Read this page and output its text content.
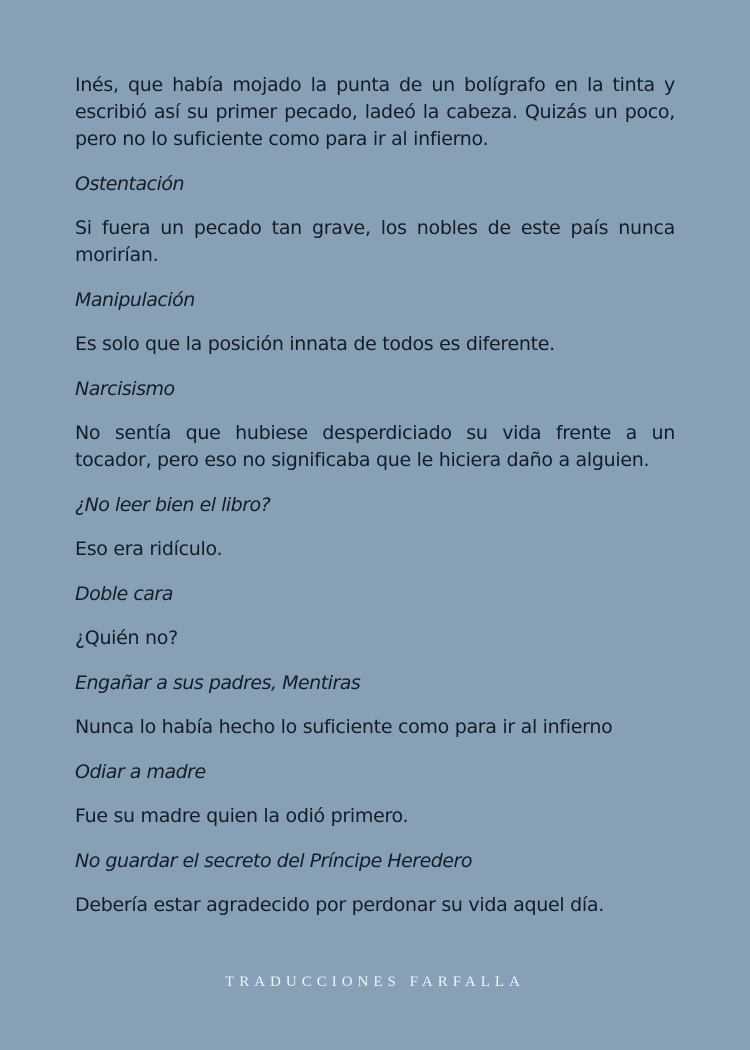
Inés, que había mojado la punta de un bolígrafo en la tinta y escribió así su primer pecado, ladeó la cabeza. Quizás un poco, pero no lo suficiente como para ir al infierno.

Ostentación

Si fuera un pecado tan grave, los nobles de este país nunca morirían.

Manipulación

Es solo que la posición innata de todos es diferente.

Narcisismo

No sentía que hubiese desperdiciado su vida frente a un tocador, pero eso no significaba que le hiciera daño a alguien.

¿No leer bien el libro?

Eso era ridículo.

Doble cara

¿Quién no?

Engañar a sus padres, Mentiras

Nunca lo había hecho lo suficiente como para ir al infierno

Odiar a madre

Fue su madre quien la odió primero.

No guardar el secreto del Príncipe Heredero

Debería estar agradecido por perdonar su vida aquel día.

TRADUCCIONES FARFALLA
